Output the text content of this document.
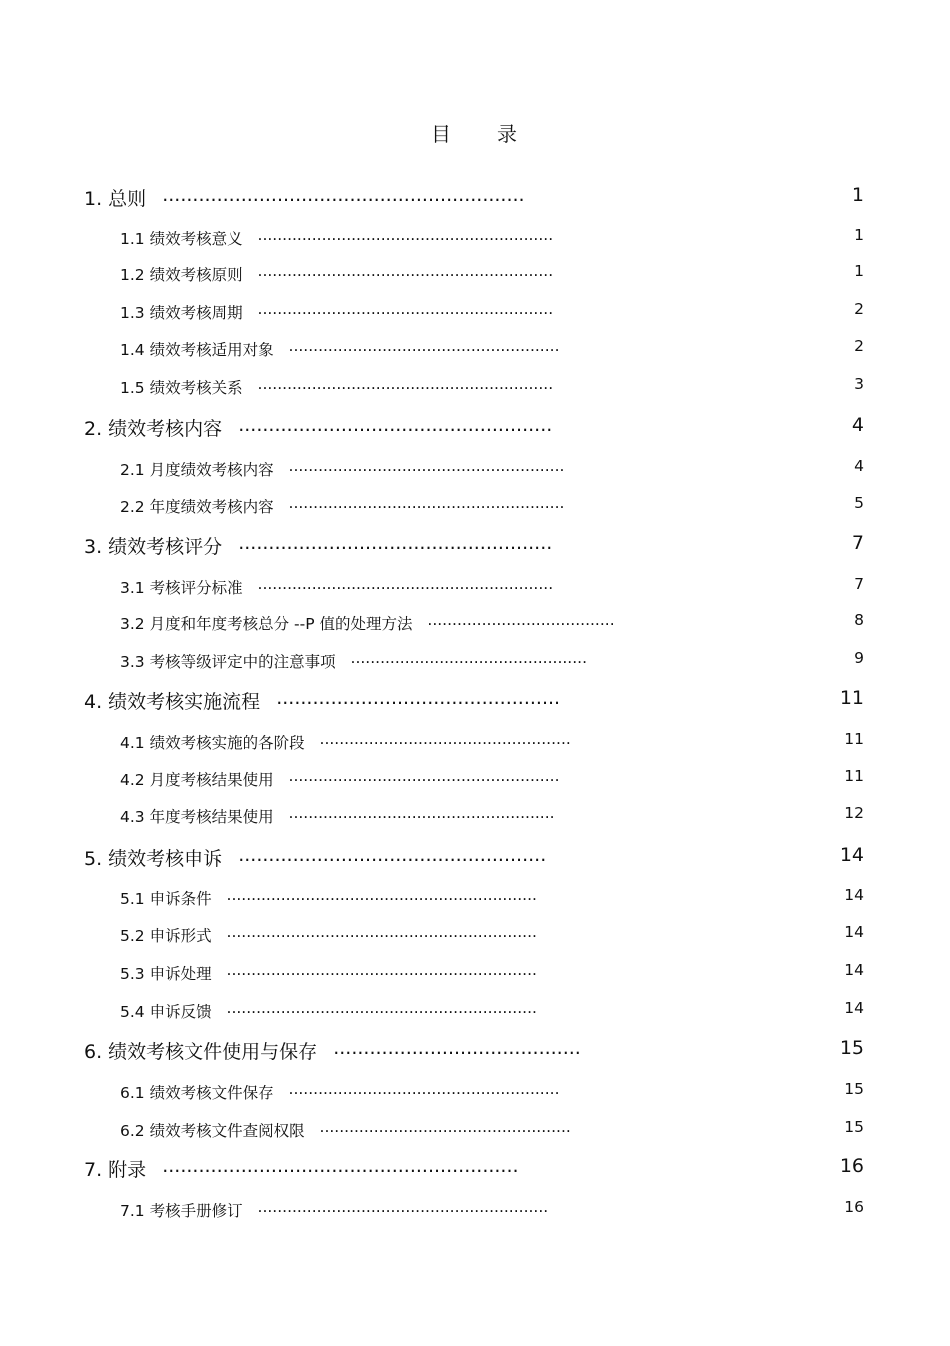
目 录
1. 总则 ............................................................	1
1.1 绩效考核意义 ............................................................	1
1.2 绩效考核原则 ............................................................	1
1.3 绩效考核周期 ............................................................	2
1.4 绩效考核适用对象 .......................................................	2
1.5 绩效考核关系 ............................................................	3
2. 绩效考核内容 ....................................................	4
2.1 月度绩效考核内容 ........................................................	4
2.2 年度绩效考核内容 ........................................................	5
3. 绩效考核评分 ....................................................	7
3.1 考核评分标准 ............................................................	7
3.2 月度和年度考核总分 --P 值的处理方法 ......................................	8
3.3 考核等级评定中的注意事项 ................................................	9
4. 绩效考核实施流程 ...............................................	11
4.1 绩效考核实施的各阶段 ...................................................	11
4.2 月度考核结果使用 .......................................................	11
4.3 年度考核结果使用 ......................................................	12
5. 绩效考核申诉 ...................................................	14
5.1 申诉条件 ...............................................................	14
5.2 申诉形式 ...............................................................	14
5.3 申诉处理 ...............................................................	14
5.4 申诉反馈 ...............................................................	14
6. 绩效考核文件使用与保存 .........................................	15
6.1 绩效考核文件保存 .......................................................	15
6.2 绩效考核文件查阅权限 ...................................................	15
7. 附录 ...........................................................	16
7.1 考核手册修订 ...........................................................	16
